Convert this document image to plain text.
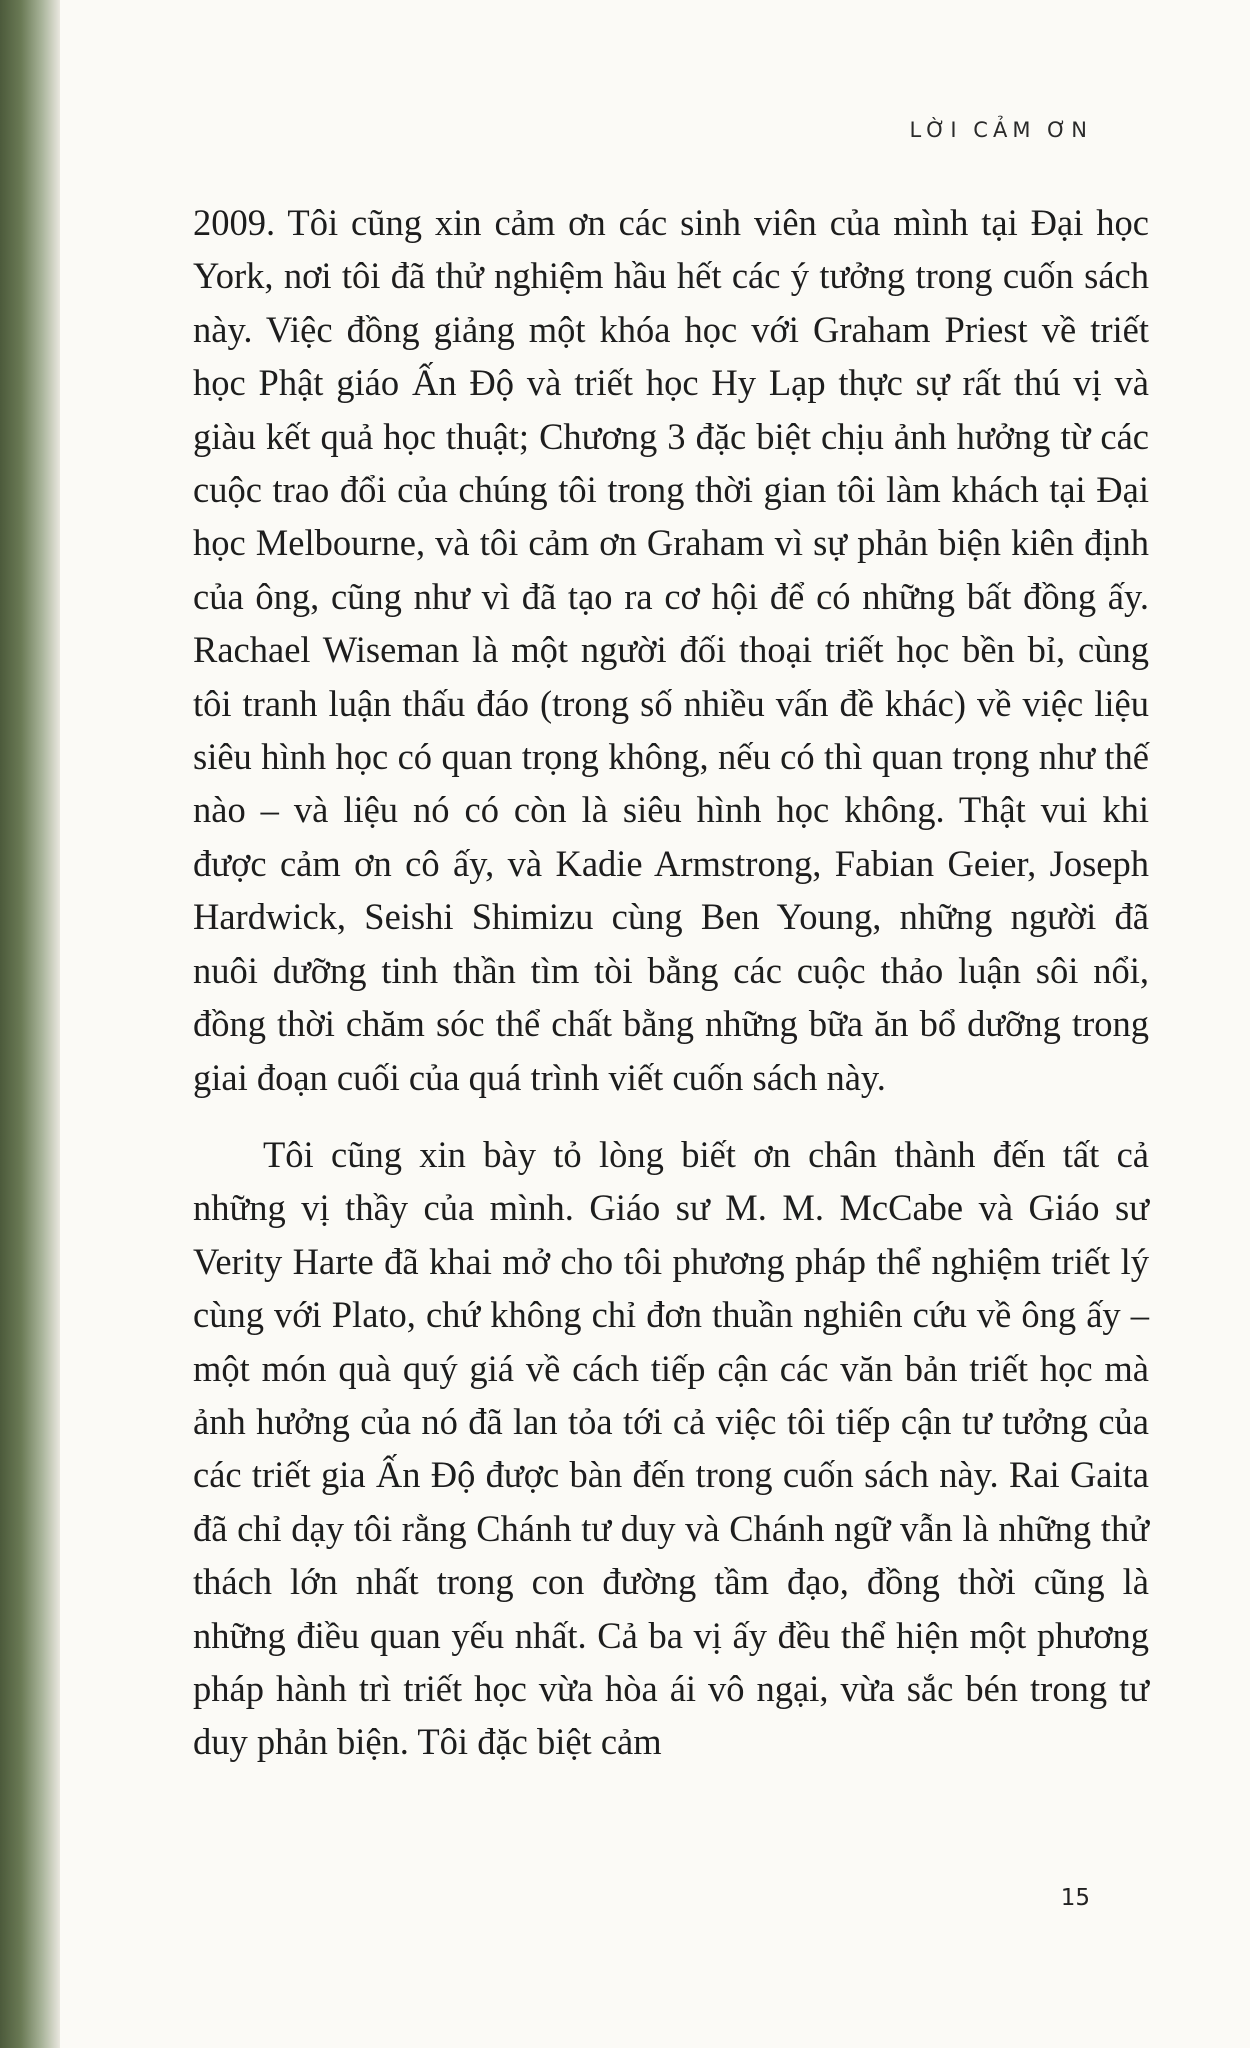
LỜI CẢM ƠN

2009. Tôi cũng xin cảm ơn các sinh viên của mình tại Đại học York, nơi tôi đã thử nghiệm hầu hết các ý tưởng trong cuốn sách này. Việc đồng giảng một khóa học với Graham Priest về triết học Phật giáo Ấn Độ và triết học Hy Lạp thực sự rất thú vị và giàu kết quả học thuật; Chương 3 đặc biệt chịu ảnh hưởng từ các cuộc trao đổi của chúng tôi trong thời gian tôi làm khách tại Đại học Melbourne, và tôi cảm ơn Graham vì sự phản biện kiên định của ông, cũng như vì đã tạo ra cơ hội để có những bất đồng ấy. Rachael Wiseman là một người đối thoại triết học bền bỉ, cùng tôi tranh luận thấu đáo (trong số nhiều vấn đề khác) về việc liệu siêu hình học có quan trọng không, nếu có thì quan trọng như thế nào – và liệu nó có còn là siêu hình học không. Thật vui khi được cảm ơn cô ấy, và Kadie Armstrong, Fabian Geier, Joseph Hardwick, Seishi Shimizu cùng Ben Young, những người đã nuôi dưỡng tinh thần tìm tòi bằng các cuộc thảo luận sôi nổi, đồng thời chăm sóc thể chất bằng những bữa ăn bổ dưỡng trong giai đoạn cuối của quá trình viết cuốn sách này.

Tôi cũng xin bày tỏ lòng biết ơn chân thành đến tất cả những vị thầy của mình. Giáo sư M. M. McCabe và Giáo sư Verity Harte đã khai mở cho tôi phương pháp thể nghiệm triết lý cùng với Plato, chứ không chỉ đơn thuần nghiên cứu về ông ấy – một món quà quý giá về cách tiếp cận các văn bản triết học mà ảnh hưởng của nó đã lan tỏa tới cả việc tôi tiếp cận tư tưởng của các triết gia Ấn Độ được bàn đến trong cuốn sách này. Rai Gaita đã chỉ dạy tôi rằng Chánh tư duy và Chánh ngữ vẫn là những thử thách lớn nhất trong con đường tầm đạo, đồng thời cũng là những điều quan yếu nhất. Cả ba vị ấy đều thể hiện một phương pháp hành trì triết học vừa hòa ái vô ngại, vừa sắc bén trong tư duy phản biện. Tôi đặc biệt cảm

15
